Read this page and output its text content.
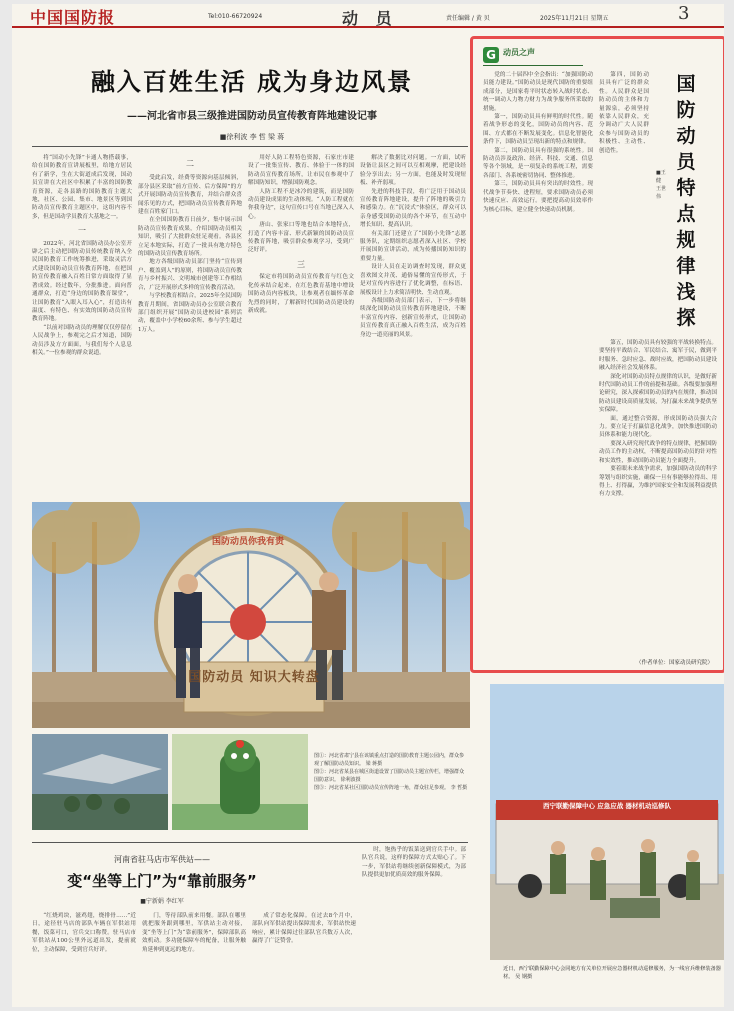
中国国防报	Tel:010-66720924	动 员	责任编辑 / 黄 贝	2025年11月21日 星期五	3
融入百姓生活 成为身边风景
——河北省市县三级推进国防动员宣传教育阵地建设记事
■徐利波 李 哲 梁 蒋

将“国动小先锋”卡通人物搭载事，给在国防教育宣讲展板里，给地方居民有了新学，生在大街道成后发现，国动员宣讲在大社区中积累了丰富的国防教育资源，走各县路的国防教育主题大地，社区、公园、集市、地景区等到国防动员宣传教育主题区中，这组内容不多，但是国动学员教育大基地之一。

一

2022年，河北省国防动员办公室开辟之后主动把国防动员传统教育纳入全民国防教育工作统筹推进，采取灵活方式建设国防动员宣传教育阵地，在把国防宣传教育融入百姓日常方面取得了显著成效。经过数年，分批推进。面向普通群众，打造“身边的国防教育课堂”，让国防教育“入眼入耳入心”，打造出有温度、有特色、有实效的国防动员宣传教育阵地。

“以前对国防动员的理解仅仅停留在人民战争上，参观完之后才知道，国防动员涉及方方面面，与我们每个人息息相关。”一位参观的群众说道。

二

受此启发，经费等资源向基层倾斜，部分县区采取“前方宣传、后方保障”的方式开展国防动员宣传教育，并结合群众喜闻乐见的方式，把国防动员宣传教育阵地建在百姓家门口。

在全国国防教育日前夕，集中展示国防动员宣传教育成果，介绍国防动员相关知识，吸引了大批群众驻足观看。各县区立足本地实际，打造了一批具有地方特色的国防动员宣传教育场所。

地方各级国防动员部门坚持“宣传到户、覆盖到人”的原则，将国防动员宣传教育与乡村振兴、文明城市创建等工作相结合，广泛开展形式多样的宣传教育活动。

与学校教育相结合，2025年全民国防教育月期间，省国防动员办公室联合教育部门组织开展“国防动员进校园”系列活动，覆盖中小学校60余所、参与学生超过1万人。

用好人防工程特色资源，石家庄市建设了一批集宣传、教育、体验于一体的国防动员宣传教育场所，让市民在参观中了解国防知识，增强国防观念。

人防工程不是冰冷的建筑，而是国防动员建设成果的生动体现。“人防工程就在你我身边”，这句宣传口号在当地已深入人心。

唐山、张家口等地也结合本地特点，打造了内容丰富、形式新颖的国防动员宣传教育阵地，吸引群众参观学习，受到广泛好评。

三

保定市将国防动员宣传教育与红色文化传承结合起来，在红色教育基地中增设国防动员内容板块，让参观者在缅怀革命先烈的同时，了解新时代国防动员建设的新成就。

解决了数据比对问题。一方面，试听设备让县区之间可以互相观摩，把建设经验分享出去；另一方面，也能及时发现短板、补齐弱项。

先进的科技手段，将广泛用于国动员宣传教育阵地建设，提升了阵地的吸引力和感染力。在“沉浸式”体验区，群众可以亲身感受国防动员的各个环节，在互动中增长知识、提高认识。

有关部门还建立了“国防小先锋”志愿服务队，定期组织志愿者深入社区、学校开展国防宣讲活动，成为传播国防知识的重要力量。

设计人员在走访调查时发现，群众更喜欢图文并茂、通俗易懂的宣传形式，于是对宣传内容进行了优化调整，在标语、展板设计上力求简洁明快、生动直观。

各级国防动员部门表示，下一步将继续深化国防动员宣传教育阵地建设，不断丰富宣传内容、创新宣传形式，让国防动员宣传教育真正融入百姓生活，成为百姓身边一道亮丽的风景。

国防动员你我有责
国防动员 知识大转盘

图①：河北省肃宁县在该镇重点打造的国防教育主题公园内，群众参观了解国防动员知识。 梁 蒋摄

图②：河北省某县在城区街道设置了国防动员主题宣传栏，增强群众国防意识。 徐利波摄

图③：河北省某社区国防动员宣传阵地一角，群众驻足参观。 李 哲摄

G 动员之声

党的二十届四中全会指出：“加强国防动员能力建设。”国防动员是现代国防的重要组成部分，是国家将平时状态转入战时状态、统一调动人力物力财力为战争服务所采取的措施。

第一，国防动员具有鲜明的时代性。随着战争形态的变化，国防动员的内容、范围、方式都在不断发展变化。信息化智能化条件下，国防动员呈现出新的特点和规律。

第二，国防动员具有很强的系统性。国防动员涉及政治、经济、科技、交通、信息等各个领域，是一项复杂的系统工程，需要各部门、各系统密切协同、整体推进。

第三，国防动员具有突出的时效性。现代战争节奏快、进程短，要求国防动员必须快速反应、高效运行。要把提高动员效率作为核心目标，建立健全快速动员机制。

第四，国防动员具有广泛的群众性。人民群众是国防动员的主体和力量源泉，必须坚持依靠人民群众，充分调动广大人民群众参与国防动员的积极性、主动性、创造性。

国防动员特点规律浅探
■王 健 王世伟

第五，国防动员具有较强的平战转换特点。要坚持平战结合、军民结合、寓军于民，做到平时服务、急时应急、战时应战，把国防动员建设融入经济社会发展体系。

深化对国防动员特点规律的认识，是做好新时代国防动员工作的前提和基础。各级要加强理论研究，深入探索国防动员的内在规律，推动国防动员建设高质量发展，为打赢未来战争提供坚实保障。

面，通过整合资源，形成国防动员强大合力。要立足于打赢信息化战争，加快推进国防动员体系和能力现代化。

要深入研究现代战争的特点规律，把握国防动员工作的主动权，不断提高国防动员的针对性和实效性，推动国防动员能力全面提升。

要着眼未来战争需求，加强国防动员的科学筹划与组织实施，确保一旦有事能够拉得出、用得上、打得赢，为维护国家安全和发展利益提供有力支撑。

（作者单位：国家动员研究院）
西宁联勤保障中心 应急应战 器材机动巡修队
近日，西宁联勤保障中心会同地方有关单位开展应急器材机动巡修服务，为一线官兵维修装备器材。 吴 钢摄
河南省驻马店市军供站——
变“坐等上门”为“靠前服务”
■宁新娟 李红军

“红烧鸡块，滋鸡翅，烧排骨……”近日，途径驻马店的部队车辆在军供站用餐，饭菜可口，官兵交口称赞。驻马店市军供站从100公里外远道出发，提前就位，主动保障，受到官兵好评。

门，等待部队前来用餐。部队在哪里就把服务跟到哪里，军供站主动对接，变“坐等上门”为“靠前服务”，保障部队高效机动。多功能保障车的配备，让服务触角延伸到更远的地方。

成了常态化保障。在过去8个月中，部队向军供站提出保障需求，军供站快速响应，累计保障过往部队官兵数万人次，赢得了广泛赞誉。

时，饱热乎的饭菜送到官兵手中。部队官兵说，这样的保障方式太贴心了。下一步，军供站将继续创新保障模式，为部队提供更加优质高效的服务保障。
